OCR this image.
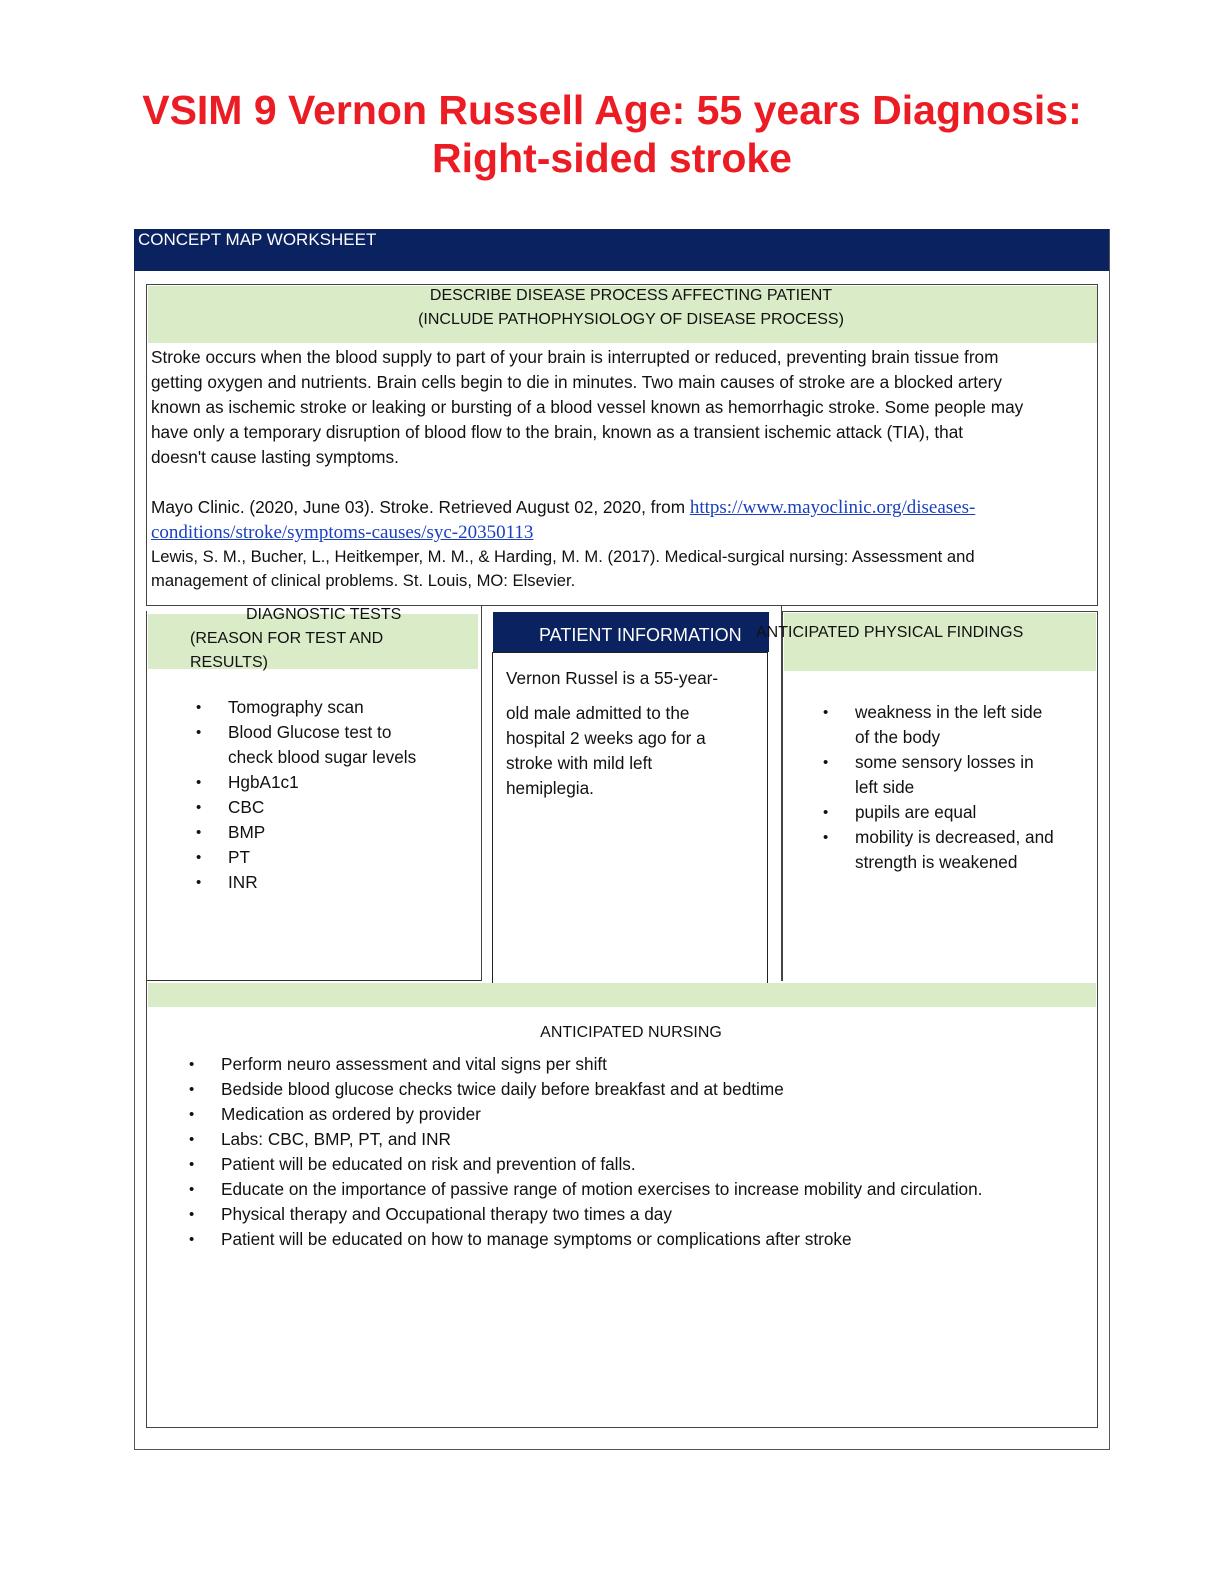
VSIM 9 Vernon Russell Age: 55 years Diagnosis:
Right-sided stroke
CONCEPT MAP WORKSHEET
DESCRIBE DISEASE PROCESS AFFECTING PATIENT
(INCLUDE PATHOPHYSIOLOGY OF DISEASE PROCESS)
Stroke occurs when the blood supply to part of your brain is interrupted or reduced, preventing brain tissue from
getting oxygen and nutrients. Brain cells begin to die in minutes. Two main causes of stroke are a blocked artery
known as ischemic stroke or leaking or bursting of a blood vessel known as hemorrhagic stroke. Some people may
have only a temporary disruption of blood flow to the brain, known as a transient ischemic attack (TIA), that
doesn't cause lasting symptoms.
Mayo Clinic. (2020, June 03). Stroke. Retrieved August 02, 2020, from https://www.mayoclinic.org/diseases-
conditions/stroke/symptoms-causes/syc-20350113
Lewis, S. M., Bucher, L., Heitkemper, M. M., & Harding, M. M. (2017). Medical-surgical nursing: Assessment and
management of clinical problems. St. Louis, MO: Elsevier.
DIAGNOSTIC TESTS
(REASON FOR TEST AND
RESULTS)
• Tomography scan
• Blood Glucose test to
check blood sugar levels
• HgbA1c1
• CBC
• BMP
• PT
• INR
PATIENT INFORMATION
Vernon Russel is a 55-year-
old male admitted to the
hospital 2 weeks ago for a
stroke with mild left
hemiplegia.
ANTICIPATED PHYSICAL FINDINGS
• weakness in the left side
of the body
• some sensory losses in
left side
• pupils are equal
• mobility is decreased, and
strength is weakened
ANTICIPATED NURSING
• Perform neuro assessment and vital signs per shift
• Bedside blood glucose checks twice daily before breakfast and at bedtime
• Medication as ordered by provider
• Labs: CBC, BMP, PT, and INR
• Patient will be educated on risk and prevention of falls.
• Educate on the importance of passive range of motion exercises to increase mobility and circulation.
• Physical therapy and Occupational therapy two times a day
• Patient will be educated on how to manage symptoms or complications after stroke
